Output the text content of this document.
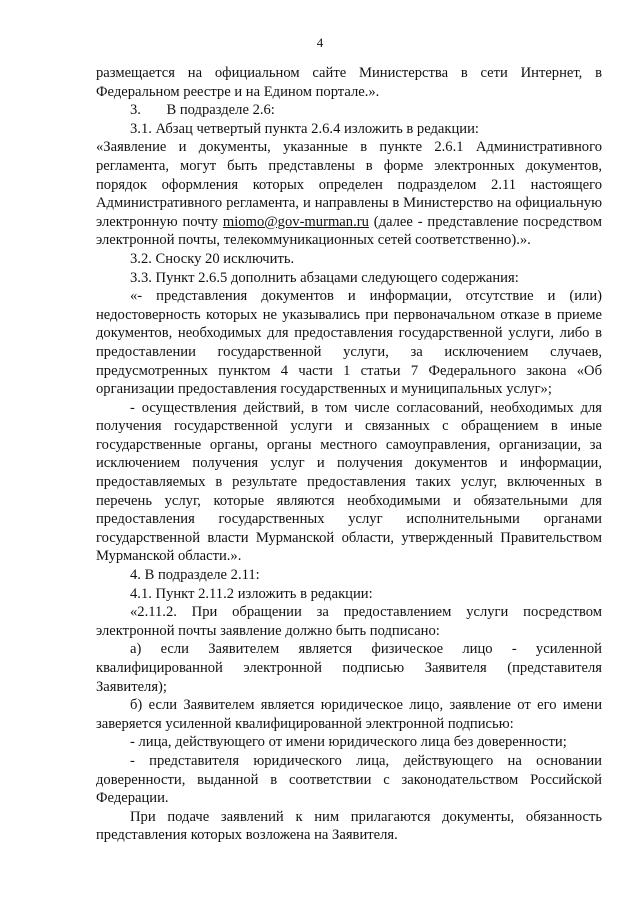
4

размещается на официальном сайте Министерства в сети Интернет, в Федеральном реестре и на Едином портале.».

3.       В подразделе 2.6:

3.1. Абзац четвертый пункта 2.6.4 изложить в редакции:

«Заявление и документы, указанные в пункте 2.6.1 Административного регламента, могут быть представлены в форме электронных документов, порядок оформления которых определен подразделом 2.11 настоящего Административного регламента, и направлены в Министерство на официальную электронную почту miomo@gov-murman.ru (далее - представление посредством электронной почты, телекоммуникационных сетей соответственно).».

3.2. Сноску 20 исключить.

3.3. Пункт 2.6.5 дополнить абзацами следующего содержания:

«- представления документов и информации, отсутствие и (или) недостоверность которых не указывались при первоначальном отказе в приеме документов, необходимых для предоставления государственной услуги, либо в предоставлении государственной услуги, за исключением случаев, предусмотренных пунктом 4 части 1 статьи 7 Федерального закона «Об организации предоставления государственных и муниципальных услуг»;

- осуществления действий, в том числе согласований, необходимых для получения государственной услуги и связанных с обращением в иные государственные органы, органы местного самоуправления, организации, за исключением получения услуг и получения документов и информации, предоставляемых в результате предоставления таких услуг, включенных в перечень услуг, которые являются необходимыми и обязательными для предоставления государственных услуг исполнительными органами государственной власти Мурманской области, утвержденный Правительством Мурманской области.».

4. В подразделе 2.11:

4.1. Пункт 2.11.2 изложить в редакции:

«2.11.2. При обращении за предоставлением услуги посредством электронной почты заявление должно быть подписано:

а) если Заявителем является физическое лицо - усиленной квалифицированной электронной подписью Заявителя (представителя Заявителя);

б) если Заявителем является юридическое лицо, заявление от его имени заверяется усиленной квалифицированной электронной подписью:

- лица, действующего от имени юридического лица без доверенности;

- представителя юридического лица, действующего на основании доверенности, выданной в соответствии с законодательством Российской Федерации.

При подаче заявлений к ним прилагаются документы, обязанность представления которых возложена на Заявителя.
